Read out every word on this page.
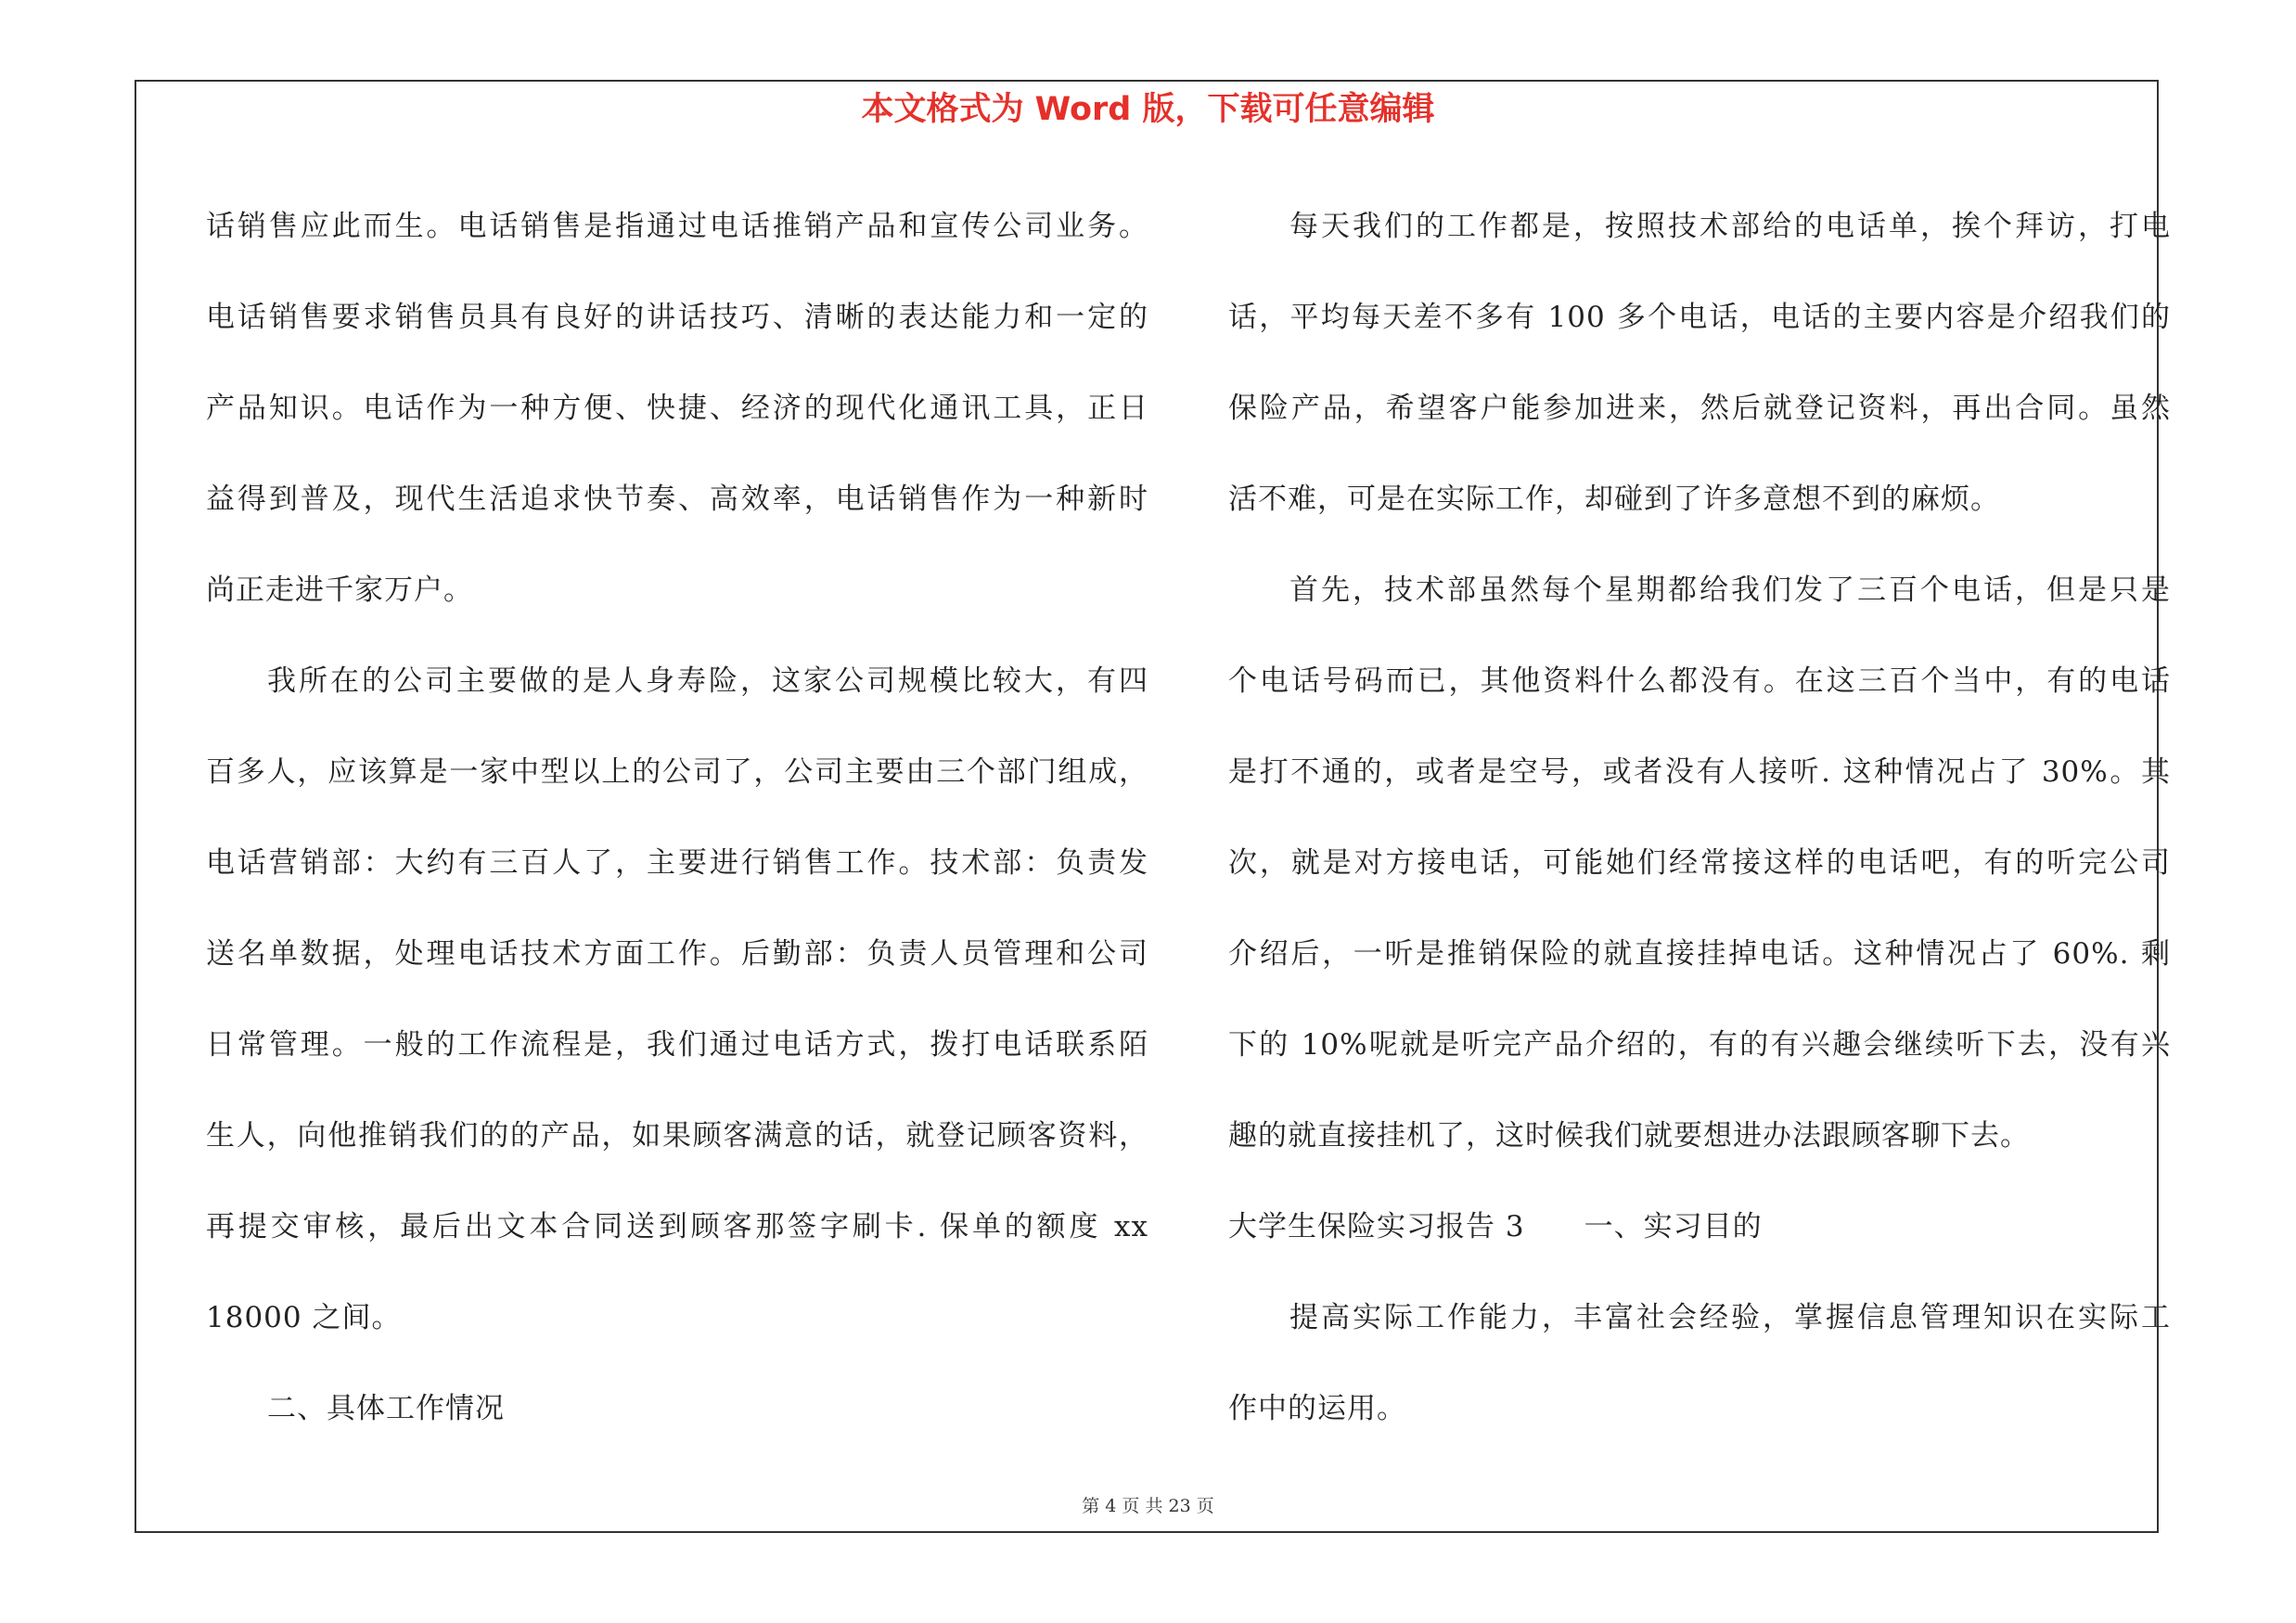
本文格式为 Word 版，下载可任意编辑
话销售应此而生。电话销售是指通过电话推销产品和宣传公司业务。
电话销售要求销售员具有良好的讲话技巧、清晰的表达能力和一定的
产品知识。电话作为一种方便、快捷、经济的现代化通讯工具，正日
益得到普及，现代生活追求快节奏、高效率，电话销售作为一种新时
尚正走进千家万户。
我所在的公司主要做的是人身寿险，这家公司规模比较大，有四
百多人，应该算是一家中型以上的公司了，公司主要由三个部门组成，
电话营销部：大约有三百人了，主要进行销售工作。技术部：负责发
送名单数据，处理电话技术方面工作。后勤部：负责人员管理和公司
日常管理。一般的工作流程是，我们通过电话方式，拨打电话联系陌
生人，向他推销我们的的产品，如果顾客满意的话，就登记顾客资料，
再提交审核，最后出文本合同送到顾客那签字刷卡. 保单的额度 xx
18000 之间。
二、具体工作情况
每天我们的工作都是，按照技术部给的电话单，挨个拜访，打电
话，平均每天差不多有 100 多个电话，电话的主要内容是介绍我们的
保险产品，希望客户能参加进来，然后就登记资料，再出合同。虽然
活不难，可是在实际工作，却碰到了许多意想不到的麻烦。
首先，技术部虽然每个星期都给我们发了三百个电话，但是只是
个电话号码而已，其他资料什么都没有。在这三百个当中，有的电话
是打不通的，或者是空号，或者没有人接听. 这种情况占了 30%。其
次，就是对方接电话，可能她们经常接这样的电话吧，有的听完公司
介绍后，一听是推销保险的就直接挂掉电话。这种情况占了 60%. 剩
下的 10%呢就是听完产品介绍的，有的有兴趣会继续听下去，没有兴
趣的就直接挂机了，这时候我们就要想进办法跟顾客聊下去。
大学生保险实习报告 3　　一、实习目的
提高实际工作能力，丰富社会经验，掌握信息管理知识在实际工
作中的运用。
第 4 页 共 23 页
